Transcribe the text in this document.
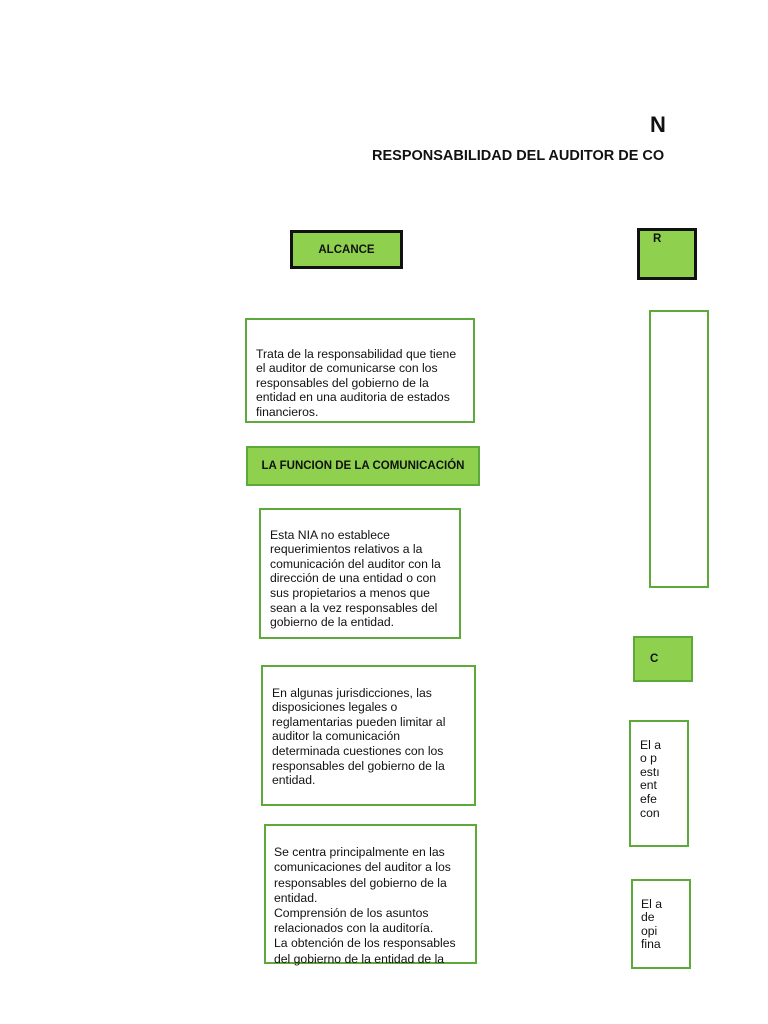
N
RESPONSABILIDAD DEL AUDITOR DE CO
ALCANCE

Trata de la responsabilidad que tiene
el auditor de comunicarse con los
responsables del gobierno de la
entidad en una auditoria de estados
financieros.

LA FUNCION DE LA COMUNICACIÓN

Esta NIA no establece
requerimientos relativos a la
comunicación del auditor con la
dirección de una entidad o con
sus propietarios a menos que
sean a la vez responsables del
gobierno de la entidad.

En algunas jurisdicciones, las
disposiciones legales o
reglamentarias pueden limitar al
auditor la comunicación
determinada cuestiones con los
responsables del gobierno de la
entidad.

Se centra principalmente en las
comunicaciones del auditor a los
responsables del gobierno de la
entidad.
Comprensión de los asuntos
relacionados con la auditoría.
La obtención de los responsables
del gobierno de la entidad de la

R
C

El a
o p
estı
ent
efe
con

El a
de
opi
fina
